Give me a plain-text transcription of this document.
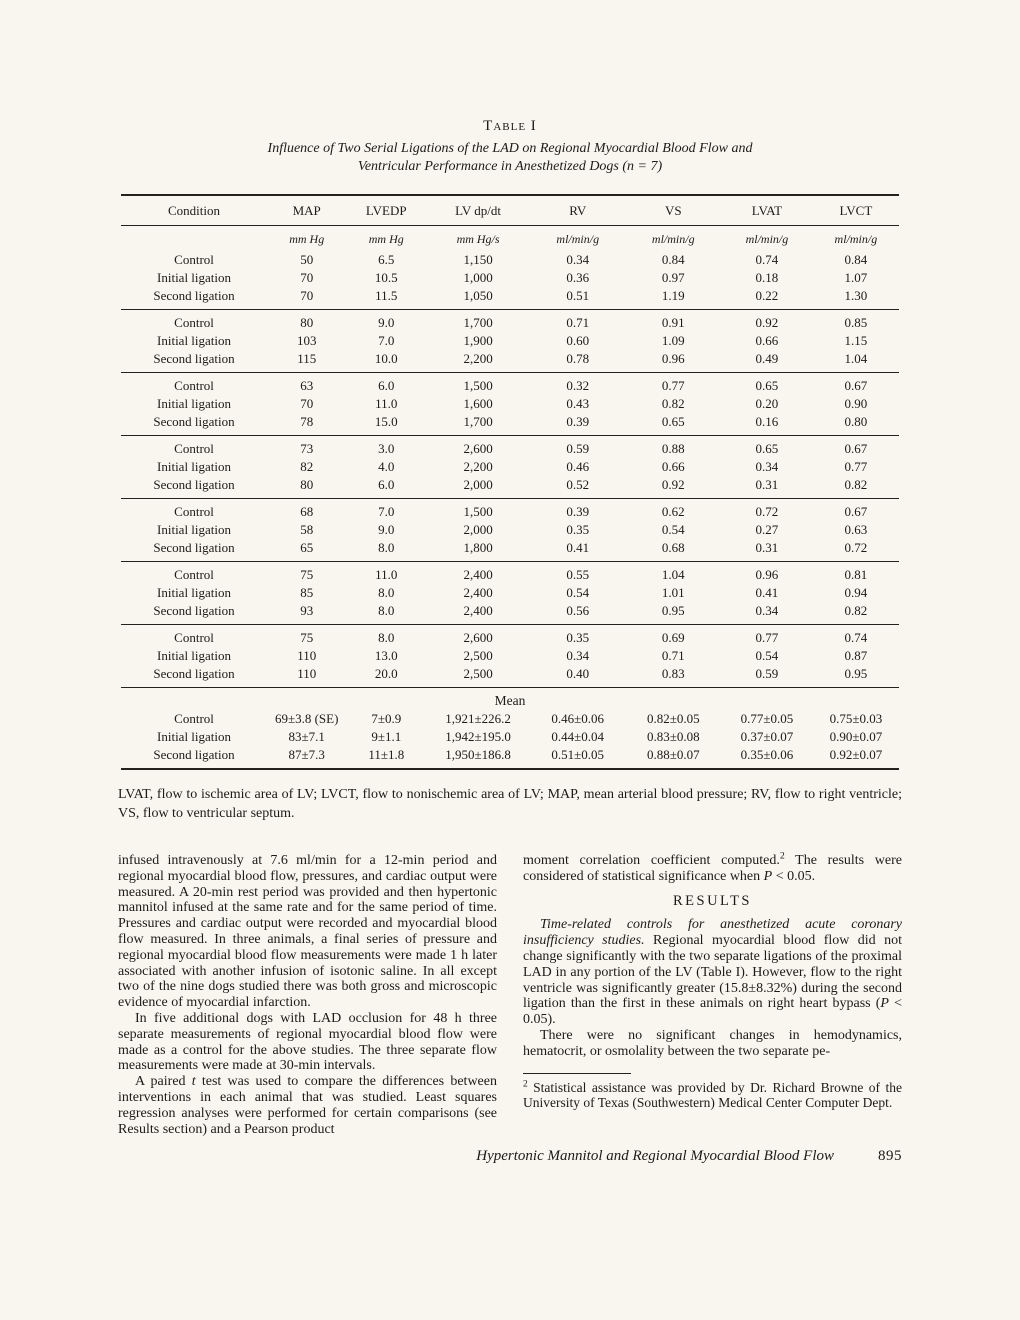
Table I
Influence of Two Serial Ligations of the LAD on Regional Myocardial Blood Flow and
Ventricular Performance in Anesthetized Dogs (n = 7)
Condition	MAP	LVEDP	LV dp/dt	RV	VS	LVAT	LVCT
	mm Hg	mm Hg	mm Hg/s	ml/min/g	ml/min/g	ml/min/g	ml/min/g
Control	50	6.5	1,150	0.34	0.84	0.74	0.84
Initial ligation	70	10.5	1,000	0.36	0.97	0.18	1.07
Second ligation	70	11.5	1,050	0.51	1.19	0.22	1.30
Control	80	9.0	1,700	0.71	0.91	0.92	0.85
Initial ligation	103	7.0	1,900	0.60	1.09	0.66	1.15
Second ligation	115	10.0	2,200	0.78	0.96	0.49	1.04
Control	63	6.0	1,500	0.32	0.77	0.65	0.67
Initial ligation	70	11.0	1,600	0.43	0.82	0.20	0.90
Second ligation	78	15.0	1,700	0.39	0.65	0.16	0.80
Control	73	3.0	2,600	0.59	0.88	0.65	0.67
Initial ligation	82	4.0	2,200	0.46	0.66	0.34	0.77
Second ligation	80	6.0	2,000	0.52	0.92	0.31	0.82
Control	68	7.0	1,500	0.39	0.62	0.72	0.67
Initial ligation	58	9.0	2,000	0.35	0.54	0.27	0.63
Second ligation	65	8.0	1,800	0.41	0.68	0.31	0.72
Control	75	11.0	2,400	0.55	1.04	0.96	0.81
Initial ligation	85	8.0	2,400	0.54	1.01	0.41	0.94
Second ligation	93	8.0	2,400	0.56	0.95	0.34	0.82
Control	75	8.0	2,600	0.35	0.69	0.77	0.74
Initial ligation	110	13.0	2,500	0.34	0.71	0.54	0.87
Second ligation	110	20.0	2,500	0.40	0.83	0.59	0.95
Mean							
Control	69±3.8 (SE)	7±0.9	1,921±226.2	0.46±0.06	0.82±0.05	0.77±0.05	0.75±0.03
Initial ligation	83±7.1	9±1.1	1,942±195.0	0.44±0.04	0.83±0.08	0.37±0.07	0.90±0.07
Second ligation	87±7.3	11±1.8	1,950±186.8	0.51±0.05	0.88±0.07	0.35±0.06	0.92±0.07

LVAT, flow to ischemic area of LV; LVCT, flow to nonischemic area of LV; MAP, mean arterial blood pressure; RV, flow to right ventricle; VS, flow to ventricular septum.

infused intravenously at 7.6 ml/min for a 12-min period and regional myocardial blood flow, pressures, and cardiac output were measured. A 20-min rest period was provided and then hypertonic mannitol infused at the same rate and for the same period of time. Pressures and cardiac output were recorded and myocardial blood flow measured. In three animals, a final series of pressure and regional myocardial blood flow measurements were made 1 h later associated with another infusion of isotonic saline. In all except two of the nine dogs studied there was both gross and microscopic evidence of myocardial infarction.

In five additional dogs with LAD occlusion for 48 h three separate measurements of regional myocardial blood flow were made as a control for the above studies. The three separate flow measurements were made at 30-min intervals.

A paired t test was used to compare the differences between interventions in each animal that was studied. Least squares regression analyses were performed for certain comparisons (see Results section) and a Pearson product

moment correlation coefficient computed.$^2$ The results were considered of statistical significance when P < 0.05.

RESULTS

Time-related controls for anesthetized acute coronary insufficiency studies. Regional myocardial blood flow did not change significantly with the two separate ligations of the proximal LAD in any portion of the LV (Table I). However, flow to the right ventricle was significantly greater (15.8±8.32%) during the second ligation than the first in these animals on right heart bypass (P < 0.05).

There were no significant changes in hemodynamics, hematocrit, or osmolality between the two separate pe-

$^2$ Statistical assistance was provided by Dr. Richard Browne of the University of Texas (Southwestern) Medical Center Computer Dept.

Hypertonic Mannitol and Regional Myocardial Blood Flow	895
